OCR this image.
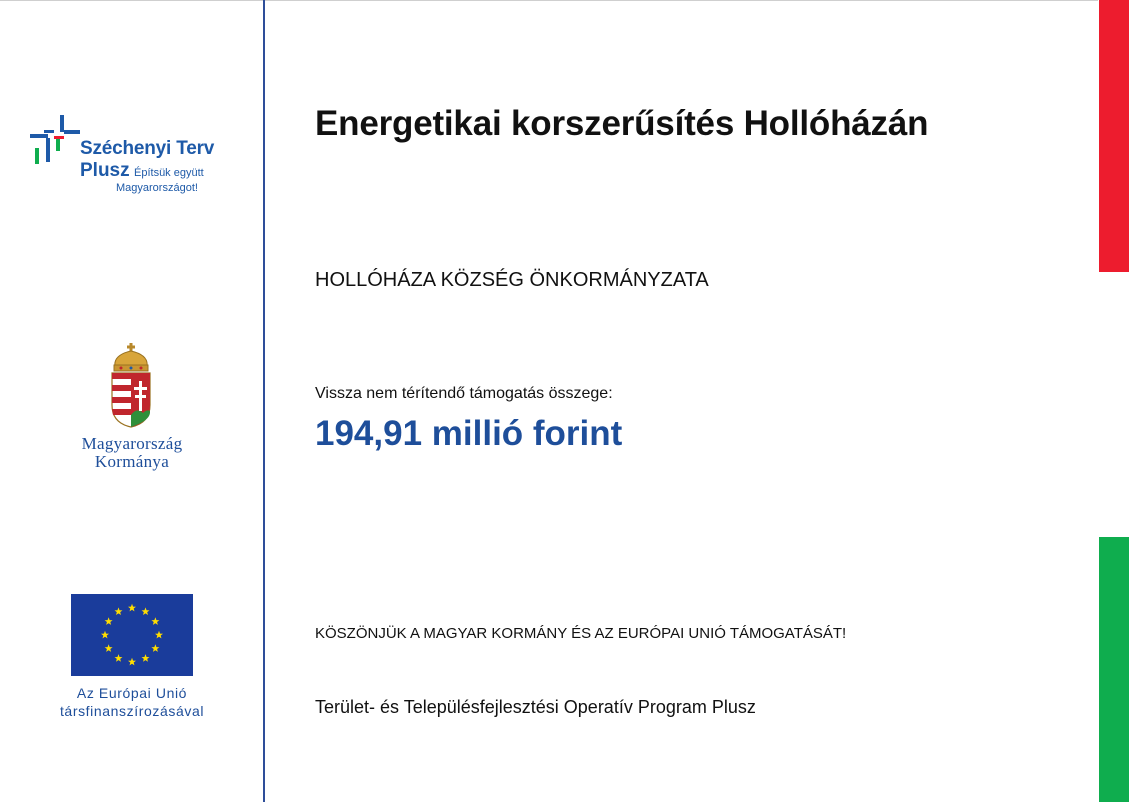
Széchenyi Terv
Plusz Építsük együtt
Magyarországot!
Magyarország
Kormánya
Az Európai Unió
társfinanszírozásával
Energetikai korszerűsítés Hollóházán
HOLLÓHÁZA KÖZSÉG ÖNKORMÁNYZATA
Vissza nem térítendő támogatás összege:
194,91 millió forint
KÖSZÖNJÜK A MAGYAR KORMÁNY ÉS AZ EURÓPAI UNIÓ TÁMOGATÁSÁT!
Terület- és Településfejlesztési Operatív Program Plusz
